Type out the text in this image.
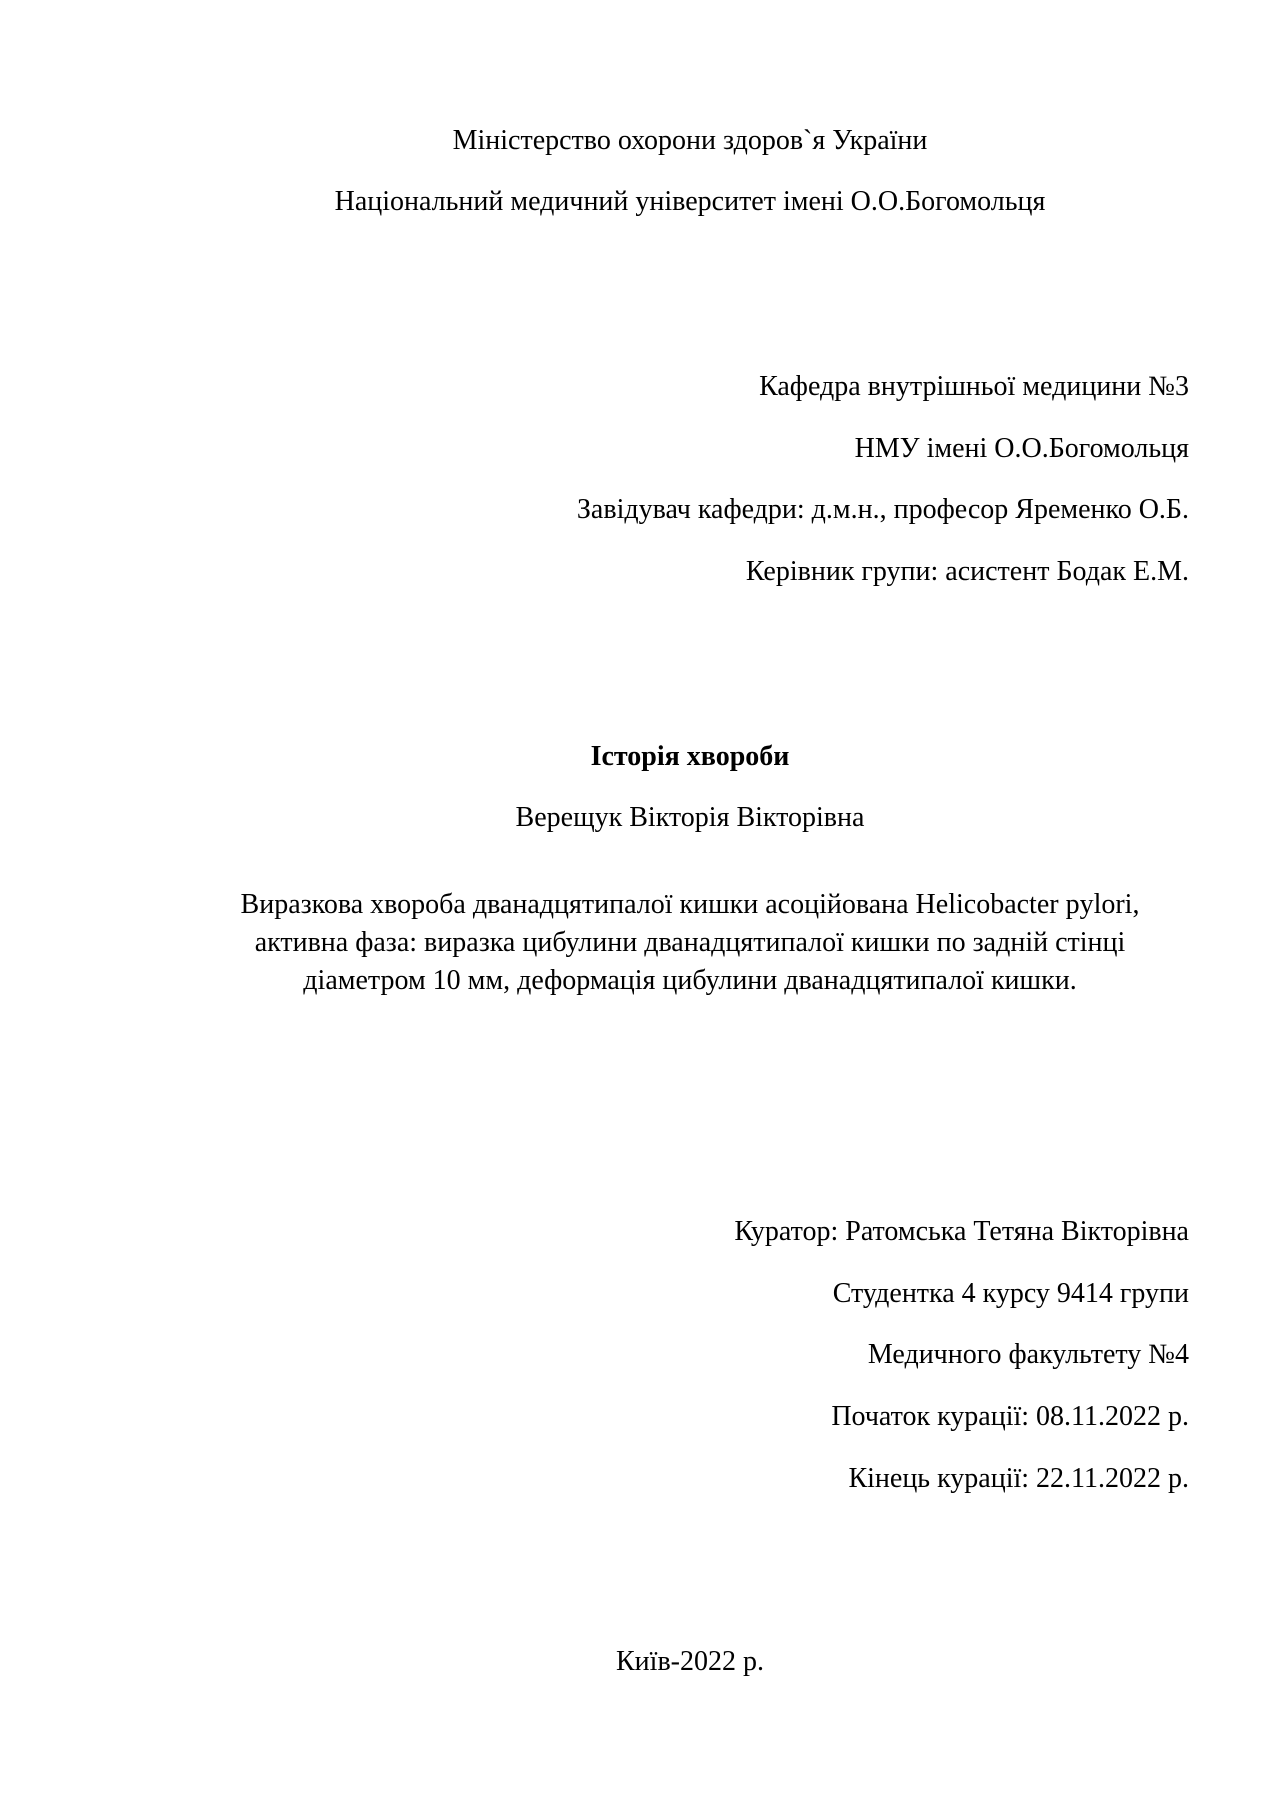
Міністерство охорони здоров`я України

Національний медичний університет імені О.О.Богомольця

Кафедра внутрішньої медицини №3

НМУ імені О.О.Богомольця

Завідувач кафедри: д.м.н., професор Яременко О.Б.

Керівник групи: асистент Бодак Е.М.

Історія хвороби

Верещук Вікторія Вікторівна

Виразкова хвороба дванадцятипалої кишки асоційована Helicobacter pylori,
активна фаза: виразка цибулини дванадцятипалої кишки по задній стінці
діаметром 10 мм, деформація цибулини дванадцятипалої кишки.

Куратор: Ратомська Тетяна Вікторівна

Студентка 4 курсу 9414 групи

Медичного факультету №4

Початок курації: 08.11.2022 р.

Кінець курації: 22.11.2022 р.

Київ-2022 р.
